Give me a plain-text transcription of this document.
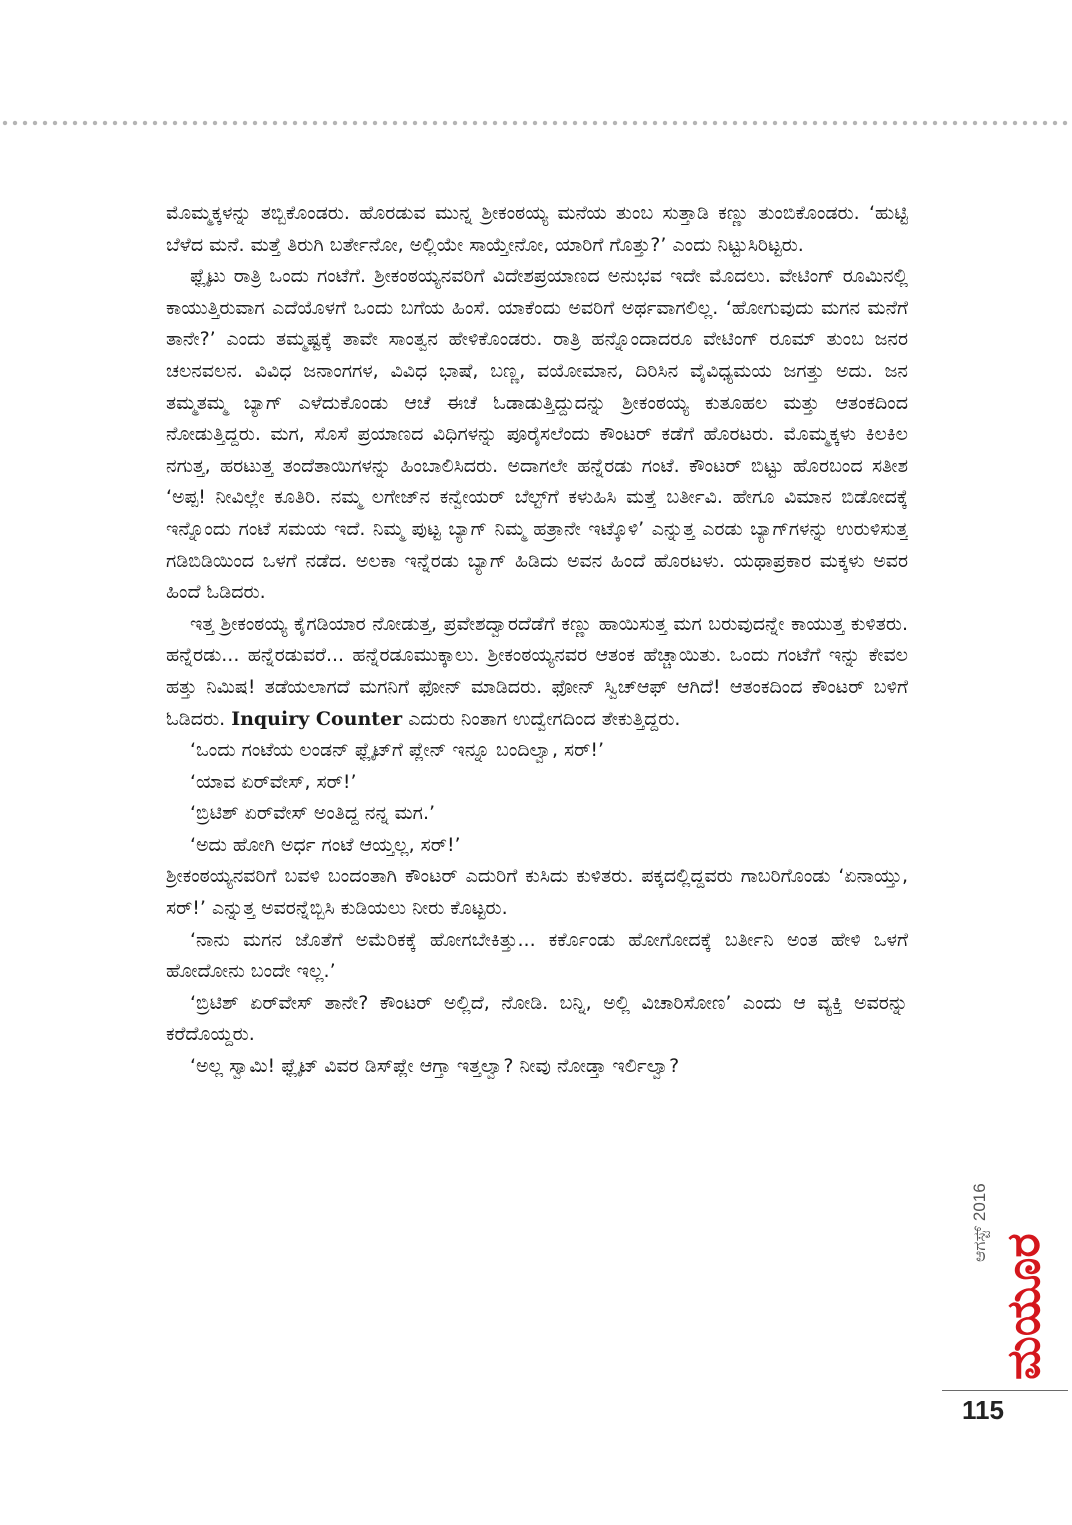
ಮೊಮ್ಮಕ್ಕಳನ್ನು ತಬ್ಬಿಕೊಂಡರು. ಹೊರಡುವ ಮುನ್ನ ಶ್ರೀಕಂಠಯ್ಯ ಮನೆಯ ತುಂಬ ಸುತ್ತಾಡಿ ಕಣ್ಣು ತುಂಬಿಕೊಂಡರು. ‘ಹುಟ್ಟಿ ಬೆಳೆದ ಮನೆ. ಮತ್ತೆ ತಿರುಗಿ ಬರ್ತೇನೋ, ಅಲ್ಲಿಯೇ ಸಾಯ್ತೇನೋ, ಯಾರಿಗೆ ಗೊತ್ತು?’ ಎಂದು ನಿಟ್ಟುಸಿರಿಟ್ಟರು.

ಫ್ಲೈಟು ರಾತ್ರಿ ಒಂದು ಗಂಟೆಗೆ. ಶ್ರೀಕಂಠಯ್ಯನವರಿಗೆ ವಿದೇಶಪ್ರಯಾಣದ ಅನುಭವ ಇದೇ ಮೊದಲು. ವೇಟಿಂಗ್ ರೂಮಿನಲ್ಲಿ ಕಾಯುತ್ತಿರುವಾಗ ಎದೆಯೊಳಗೆ ಒಂದು ಬಗೆಯ ಹಿಂಸೆ. ಯಾಕೆಂದು ಅವರಿಗೆ ಅರ್ಥವಾಗಲಿಲ್ಲ. ‘ಹೋಗುವುದು ಮಗನ ಮನೆಗೆ ತಾನೇ?’ ಎಂದು ತಮ್ಮಷ್ಟಕ್ಕೆ ತಾವೇ ಸಾಂತ್ವನ ಹೇಳಿಕೊಂಡರು. ರಾತ್ರಿ ಹನ್ನೊಂದಾದರೂ ವೇಟಿಂಗ್ ರೂಮ್ ತುಂಬ ಜನರ ಚಲನವಲನ. ವಿವಿಧ ಜನಾಂಗಗಳ, ವಿವಿಧ ಭಾಷೆ, ಬಣ್ಣ, ವಯೋಮಾನ, ದಿರಿಸಿನ ವೈವಿಧ್ಯಮಯ ಜಗತ್ತು ಅದು. ಜನ ತಮ್ಮತಮ್ಮ ಬ್ಯಾಗ್ ಎಳೆದುಕೊಂಡು ಆಚೆ ಈಚೆ ಓಡಾಡುತ್ತಿದ್ದುದನ್ನು ಶ್ರೀಕಂಠಯ್ಯ ಕುತೂಹಲ ಮತ್ತು ಆತಂಕದಿಂದ ನೋಡುತ್ತಿದ್ದರು. ಮಗ, ಸೊಸೆ ಪ್ರಯಾಣದ ವಿಧಿಗಳನ್ನು ಪೂರೈಸಲೆಂದು ಕೌಂಟರ್ ಕಡೆಗೆ ಹೊರಟರು. ಮೊಮ್ಮಕ್ಕಳು ಕಿಲಕಿಲ ನಗುತ್ತ, ಹರಟುತ್ತ ತಂದೆತಾಯಿಗಳನ್ನು ಹಿಂಬಾಲಿಸಿದರು. ಅದಾಗಲೇ ಹನ್ನೆರಡು ಗಂಟೆ. ಕೌಂಟರ್ ಬಿಟ್ಟು ಹೊರಬಂದ ಸತೀಶ ‘ಅಪ್ಪ! ನೀವಿಲ್ಲೇ ಕೂತಿರಿ. ನಮ್ಮ ಲಗೇಜ್‌ನ ಕನ್ವೇಯರ್ ಬೆಲ್ಟ್‌ಗೆ ಕಳುಹಿಸಿ ಮತ್ತೆ ಬರ್ತೀವಿ. ಹೇಗೂ ವಿಮಾನ ಬಿಡೋದಕ್ಕೆ ಇನ್ನೊಂದು ಗಂಟೆ ಸಮಯ ಇದೆ. ನಿಮ್ಮ ಪುಟ್ಟ ಬ್ಯಾಗ್ ನಿಮ್ಮ ಹತ್ರಾನೇ ಇಟ್ಕೊಳಿ’ ಎನ್ನುತ್ತ ಎರಡು ಬ್ಯಾಗ್‌ಗಳನ್ನು ಉರುಳಿಸುತ್ತ ಗಡಿಬಿಡಿಯಿಂದ ಒಳಗೆ ನಡೆದ. ಅಲಕಾ ಇನ್ನೆರಡು ಬ್ಯಾಗ್ ಹಿಡಿದು ಅವನ ಹಿಂದೆ ಹೊರಟಳು. ಯಥಾಪ್ರಕಾರ ಮಕ್ಕಳು ಅವರ ಹಿಂದೆ ಓಡಿದರು.

ಇತ್ತ ಶ್ರೀಕಂಠಯ್ಯ ಕೈಗಡಿಯಾರ ನೋಡುತ್ತ, ಪ್ರವೇಶದ್ವಾರದೆಡೆಗೆ ಕಣ್ಣು ಹಾಯಿಸುತ್ತ ಮಗ ಬರುವುದನ್ನೇ ಕಾಯುತ್ತ ಕುಳಿತರು. ಹನ್ನೆರಡು... ಹನ್ನೆರಡುವರೆ... ಹನ್ನೆರಡೂಮುಕ್ಕಾಲು. ಶ್ರೀಕಂಠಯ್ಯನವರ ಆತಂಕ ಹೆಚ್ಚಾಯಿತು. ಒಂದು ಗಂಟೆಗೆ ಇನ್ನು ಕೇವಲ ಹತ್ತು ನಿಮಿಷ! ತಡೆಯಲಾಗದೆ ಮಗನಿಗೆ ಫೋನ್ ಮಾಡಿದರು. ಫೋನ್ ಸ್ವಿಚ್‌ಆಫ್ ಆಗಿದೆ! ಆತಂಕದಿಂದ ಕೌಂಟರ್ ಬಳಿಗೆ ಓಡಿದರು. Inquiry Counter ಎದುರು ನಿಂತಾಗ ಉದ್ವೇಗದಿಂದ ತೇಕುತ್ತಿದ್ದರು.

‘ಒಂದು ಗಂಟೆಯ ಲಂಡನ್ ಫ್ಲೈಟ್‌ಗೆ ಪ್ಲೇನ್ ಇನ್ನೂ ಬಂದಿಲ್ವಾ, ಸರ್!’

‘ಯಾವ ಏರ್‌ವೇಸ್, ಸರ್!’

‘ಬ್ರಿಟಿಶ್ ಏರ್‌ವೇಸ್ ಅಂತಿದ್ದ ನನ್ನ ಮಗ.’

‘ಅದು ಹೋಗಿ ಅರ್ಧ ಗಂಟೆ ಆಯ್ತಲ್ಲ, ಸರ್!’

ಶ್ರೀಕಂಠಯ್ಯನವರಿಗೆ ಬವಳಿ ಬಂದಂತಾಗಿ ಕೌಂಟರ್ ಎದುರಿಗೆ ಕುಸಿದು ಕುಳಿತರು. ಪಕ್ಕದಲ್ಲಿದ್ದವರು ಗಾಬರಿಗೊಂಡು ‘ಏನಾಯ್ತು, ಸರ್!’ ಎನ್ನುತ್ತ ಅವರನ್ನೆಬ್ಬಿಸಿ ಕುಡಿಯಲು ನೀರು ಕೊಟ್ಟರು.

‘ನಾನು ಮಗನ ಜೊತೆಗೆ ಅಮೆರಿಕಕ್ಕೆ ಹೋಗಬೇಕಿತ್ತು... ಕರ್ಕೊಂಡು ಹೋಗೋದಕ್ಕೆ ಬರ್ತೀನಿ ಅಂತ ಹೇಳಿ ಒಳಗೆ ಹೋದೋನು ಬಂದೇ ಇಲ್ಲ.’

‘ಬ್ರಿಟಿಶ್ ಏರ್‌ವೇಸ್ ತಾನೇ? ಕೌಂಟರ್ ಅಲ್ಲಿದೆ, ನೋಡಿ. ಬನ್ನಿ, ಅಲ್ಲಿ ವಿಚಾರಿಸೋಣ’ ಎಂದು ಆ ವ್ಯಕ್ತಿ ಅವರನ್ನು ಕರೆದೊಯ್ದರು.

‘ಅಲ್ಲ ಸ್ವಾಮಿ! ಫ್ಲೈಟ್ ವಿವರ ಡಿಸ್‌ಪ್ಲೇ ಆಗ್ತಾ ಇತ್ತಲ್ವಾ? ನೀವು ನೋಡ್ತಾ ಇರ್ಲಿಲ್ವಾ?

ಆಗಸ್ಟ್ 2016
ಮಯೂರ
115
